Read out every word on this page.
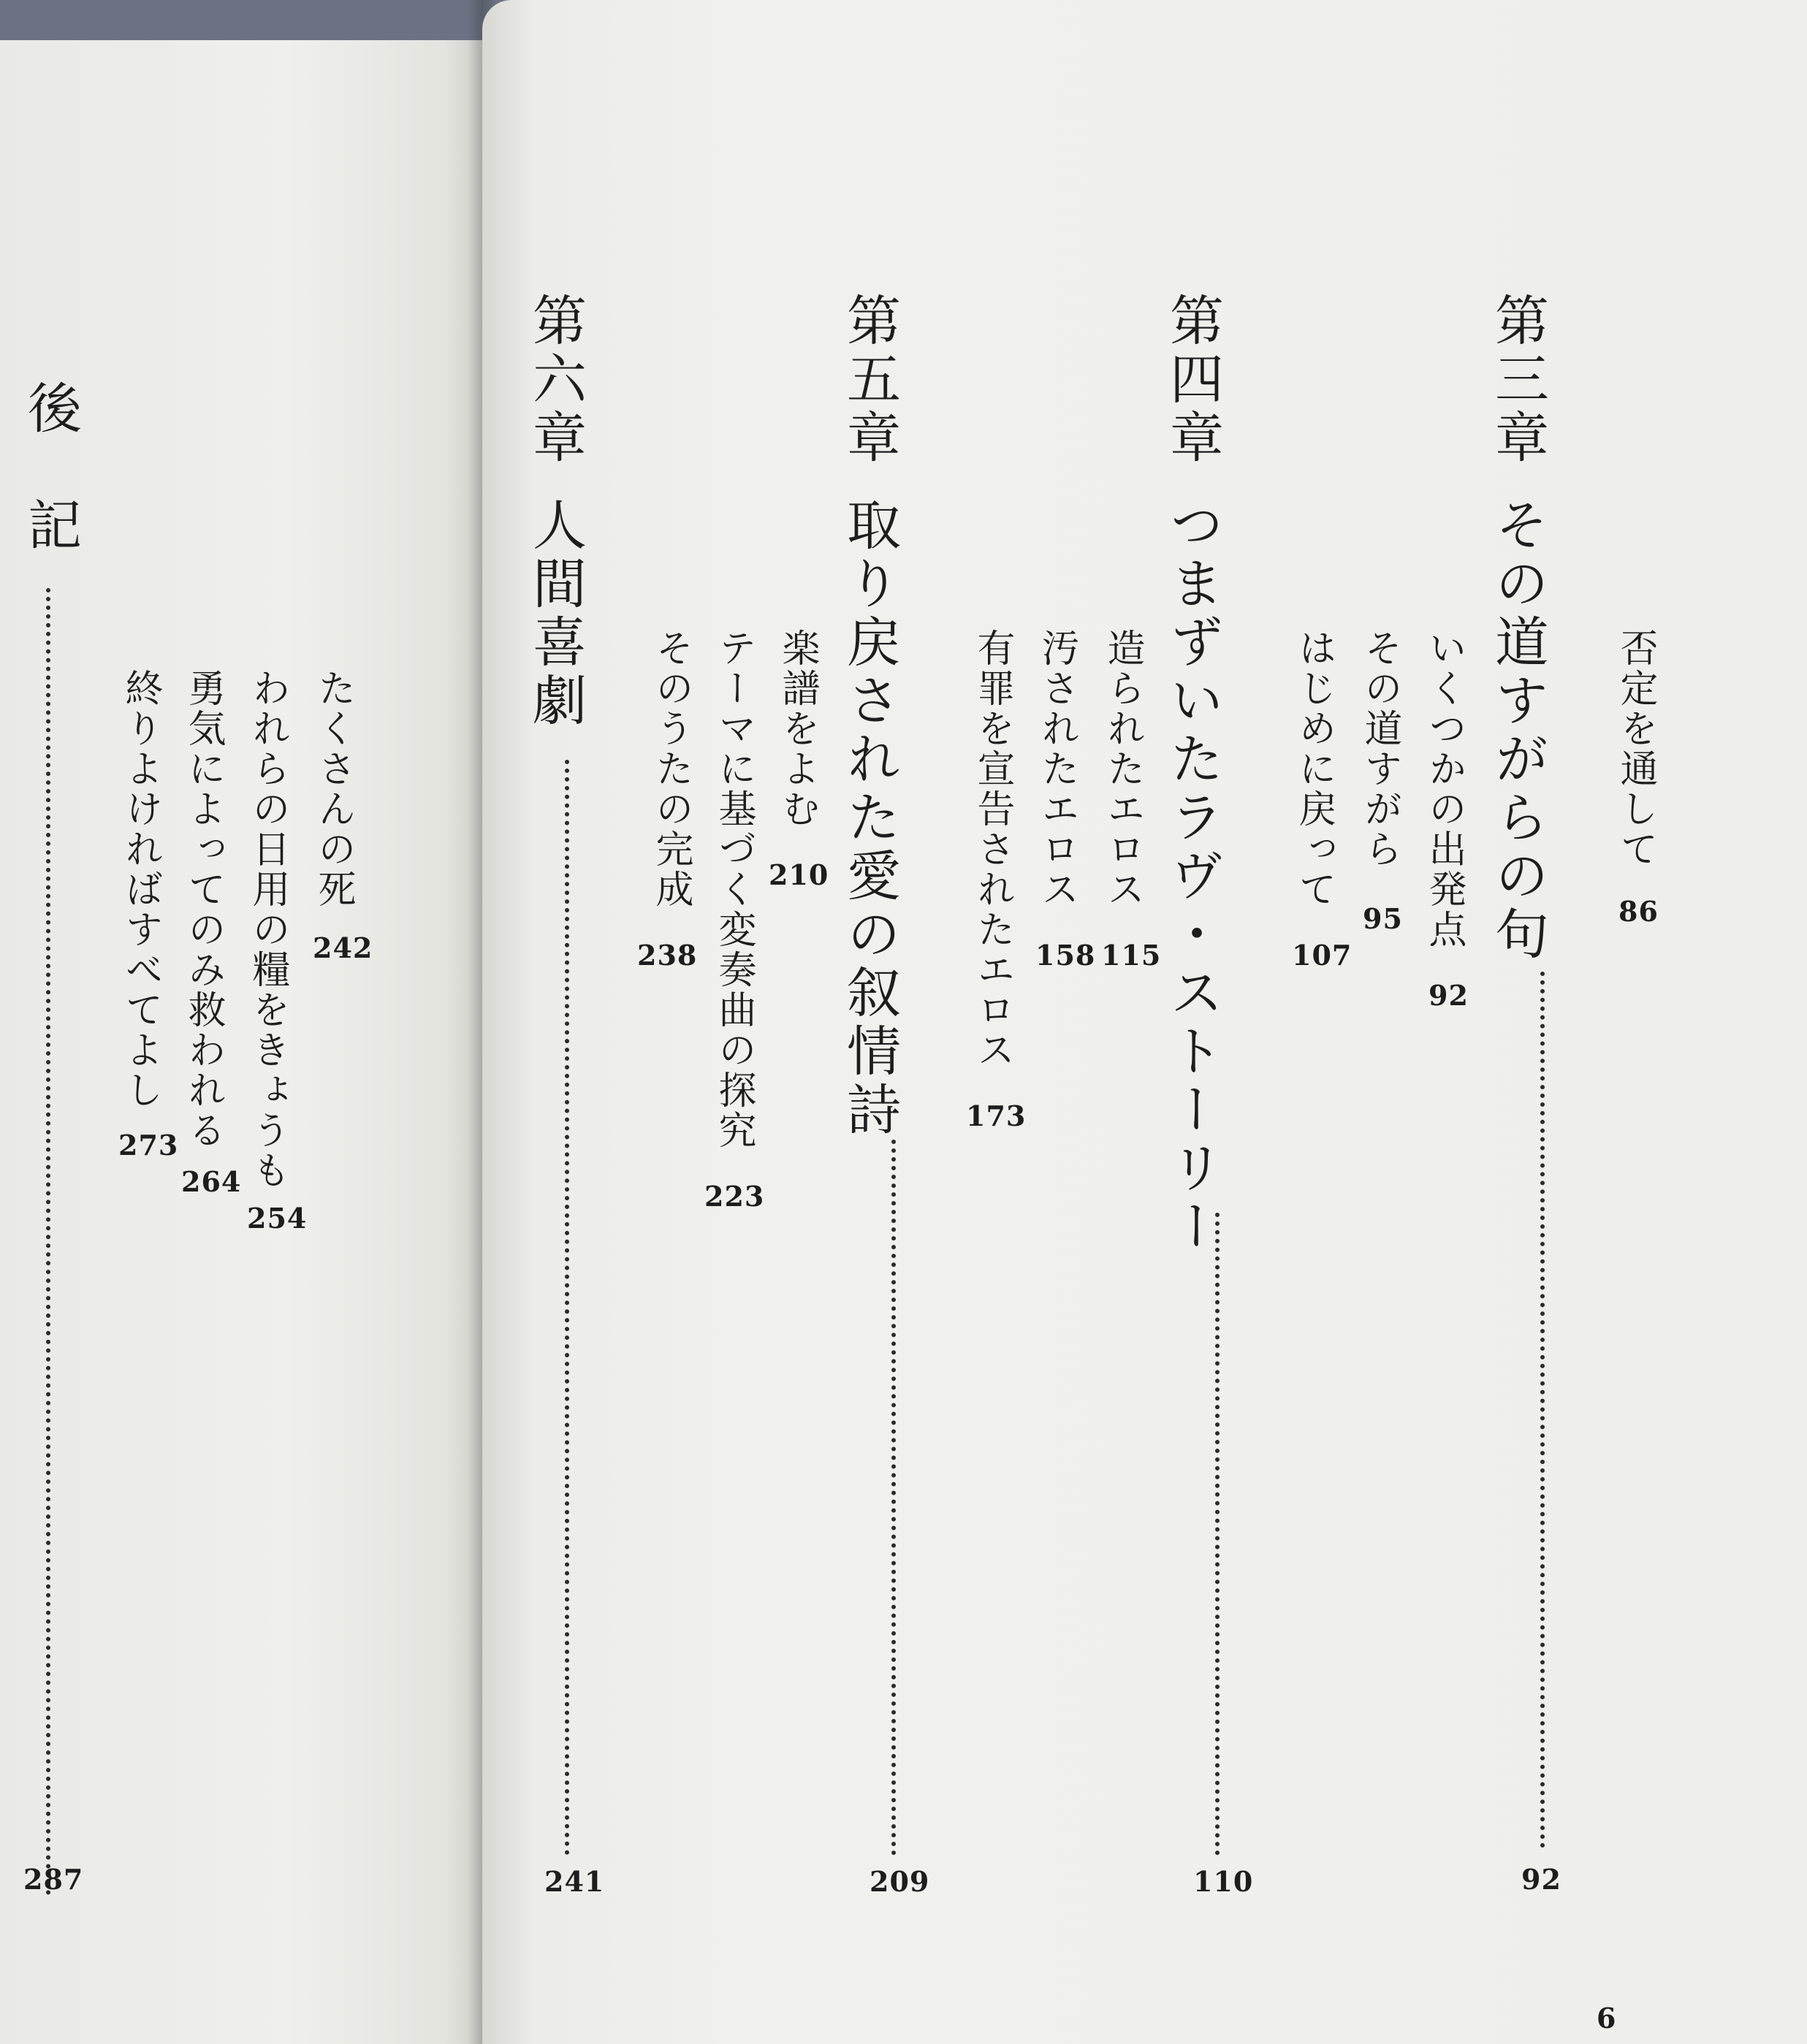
後　記
287
たくさんの死
242
われらの日用の糧をきょうも
254
勇気によってのみ救われる
264
終りよければすべてよし
273
第三章その道すがらの句
92
否定を通して
86
いくつかの出発点
92
その道すがら
95
はじめに戻って
107
第四章つまずいたラヴ・ストーリー
110
造られたエロス
115
汚されたエロス
158
有罪を宣告されたエロス
173
第五章取り戻された愛の叙情詩
209
楽譜をよむ
210
テーマに基づく変奏曲の探究
223
そのうたの完成
238
第六章人間喜劇
241
6
